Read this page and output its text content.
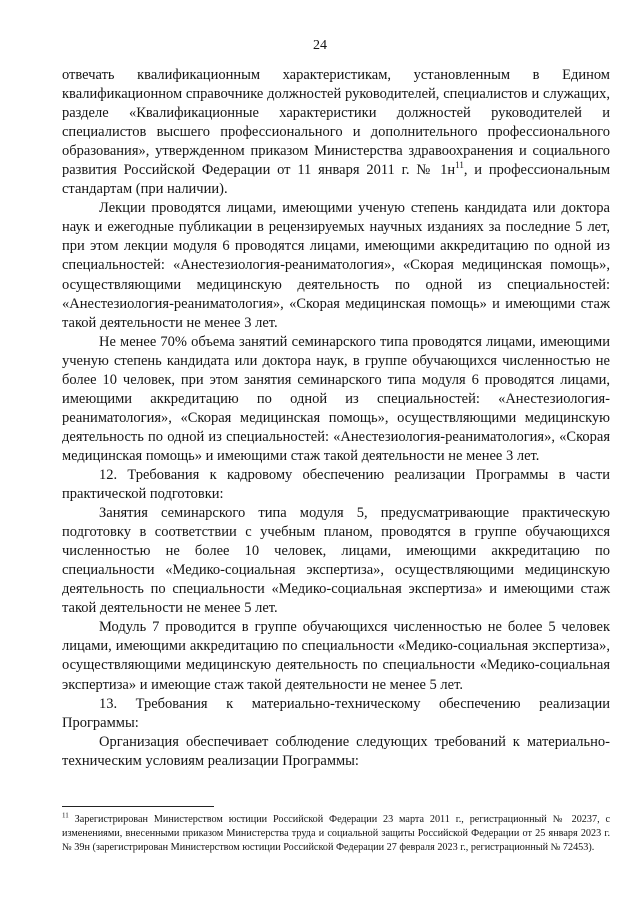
24

отвечать квалификационным характеристикам, установленным в Едином квалификационном справочнике должностей руководителей, специалистов и служащих, разделе «Квалификационные характеристики должностей руководителей и специалистов высшего профессионального и дополнительного профессионального образования», утвержденном приказом Министерства здравоохранения и социального развития Российской Федерации от 11 января 2011 г. № $1н^{11}$, и профессиональным стандартам (при наличии).

Лекции проводятся лицами, имеющими ученую степень кандидата или доктора наук и ежегодные публикации в рецензируемых научных изданиях за последние 5 лет, при этом лекции модуля 6 проводятся лицами, имеющими аккредитацию по одной из специальностей: «Анестезиология-реаниматология», «Скорая медицинская помощь», осуществляющими медицинскую деятельность по одной из специальностей: «Анестезиология-реаниматология», «Скорая медицинская помощь» и имеющими стаж такой деятельности не менее 3 лет.

Не менее 70% объема занятий семинарского типа проводятся лицами, имеющими ученую степень кандидата или доктора наук, в группе обучающихся численностью не более 10 человек, при этом занятия семинарского типа модуля 6 проводятся лицами, имеющими аккредитацию по одной из специальностей: «Анестезиология-реаниматология», «Скорая медицинская помощь», осуществляющими медицинскую деятельность по одной из специальностей: «Анестезиология-реаниматология», «Скорая медицинская помощь» и имеющими стаж такой деятельности не менее 3 лет.

12. Требования к кадровому обеспечению реализации Программы в части практической подготовки:

Занятия семинарского типа модуля 5, предусматривающие практическую подготовку в соответствии с учебным планом, проводятся в группе обучающихся численностью не более 10 человек, лицами, имеющими аккредитацию по специальности «Медико-социальная экспертиза», осуществляющими медицинскую деятельность по специальности «Медико-социальная экспертиза» и имеющими стаж такой деятельности не менее 5 лет.

Модуль 7 проводится в группе обучающихся численностью не более 5 человек лицами, имеющими аккредитацию по специальности «Медико-социальная экспертиза», осуществляющими медицинскую деятельность по специальности «Медико-социальная экспертиза» и имеющие стаж такой деятельности не менее 5 лет.

13. Требования к материально-техническому обеспечению реализации Программы:

Организация обеспечивает соблюдение следующих требований к материально-техническим условиям реализации Программы:

$^{11}$ Зарегистрирован Министерством юстиции Российской Федерации 23 марта 2011 г., регистрационный № 20237, с изменениями, внесенными приказом Министерства труда и социальной защиты Российской Федерации от 25 января 2023 г. № 39н (зарегистрирован Министерством юстиции Российской Федерации 27 февраля 2023 г., регистрационный № 72453).
